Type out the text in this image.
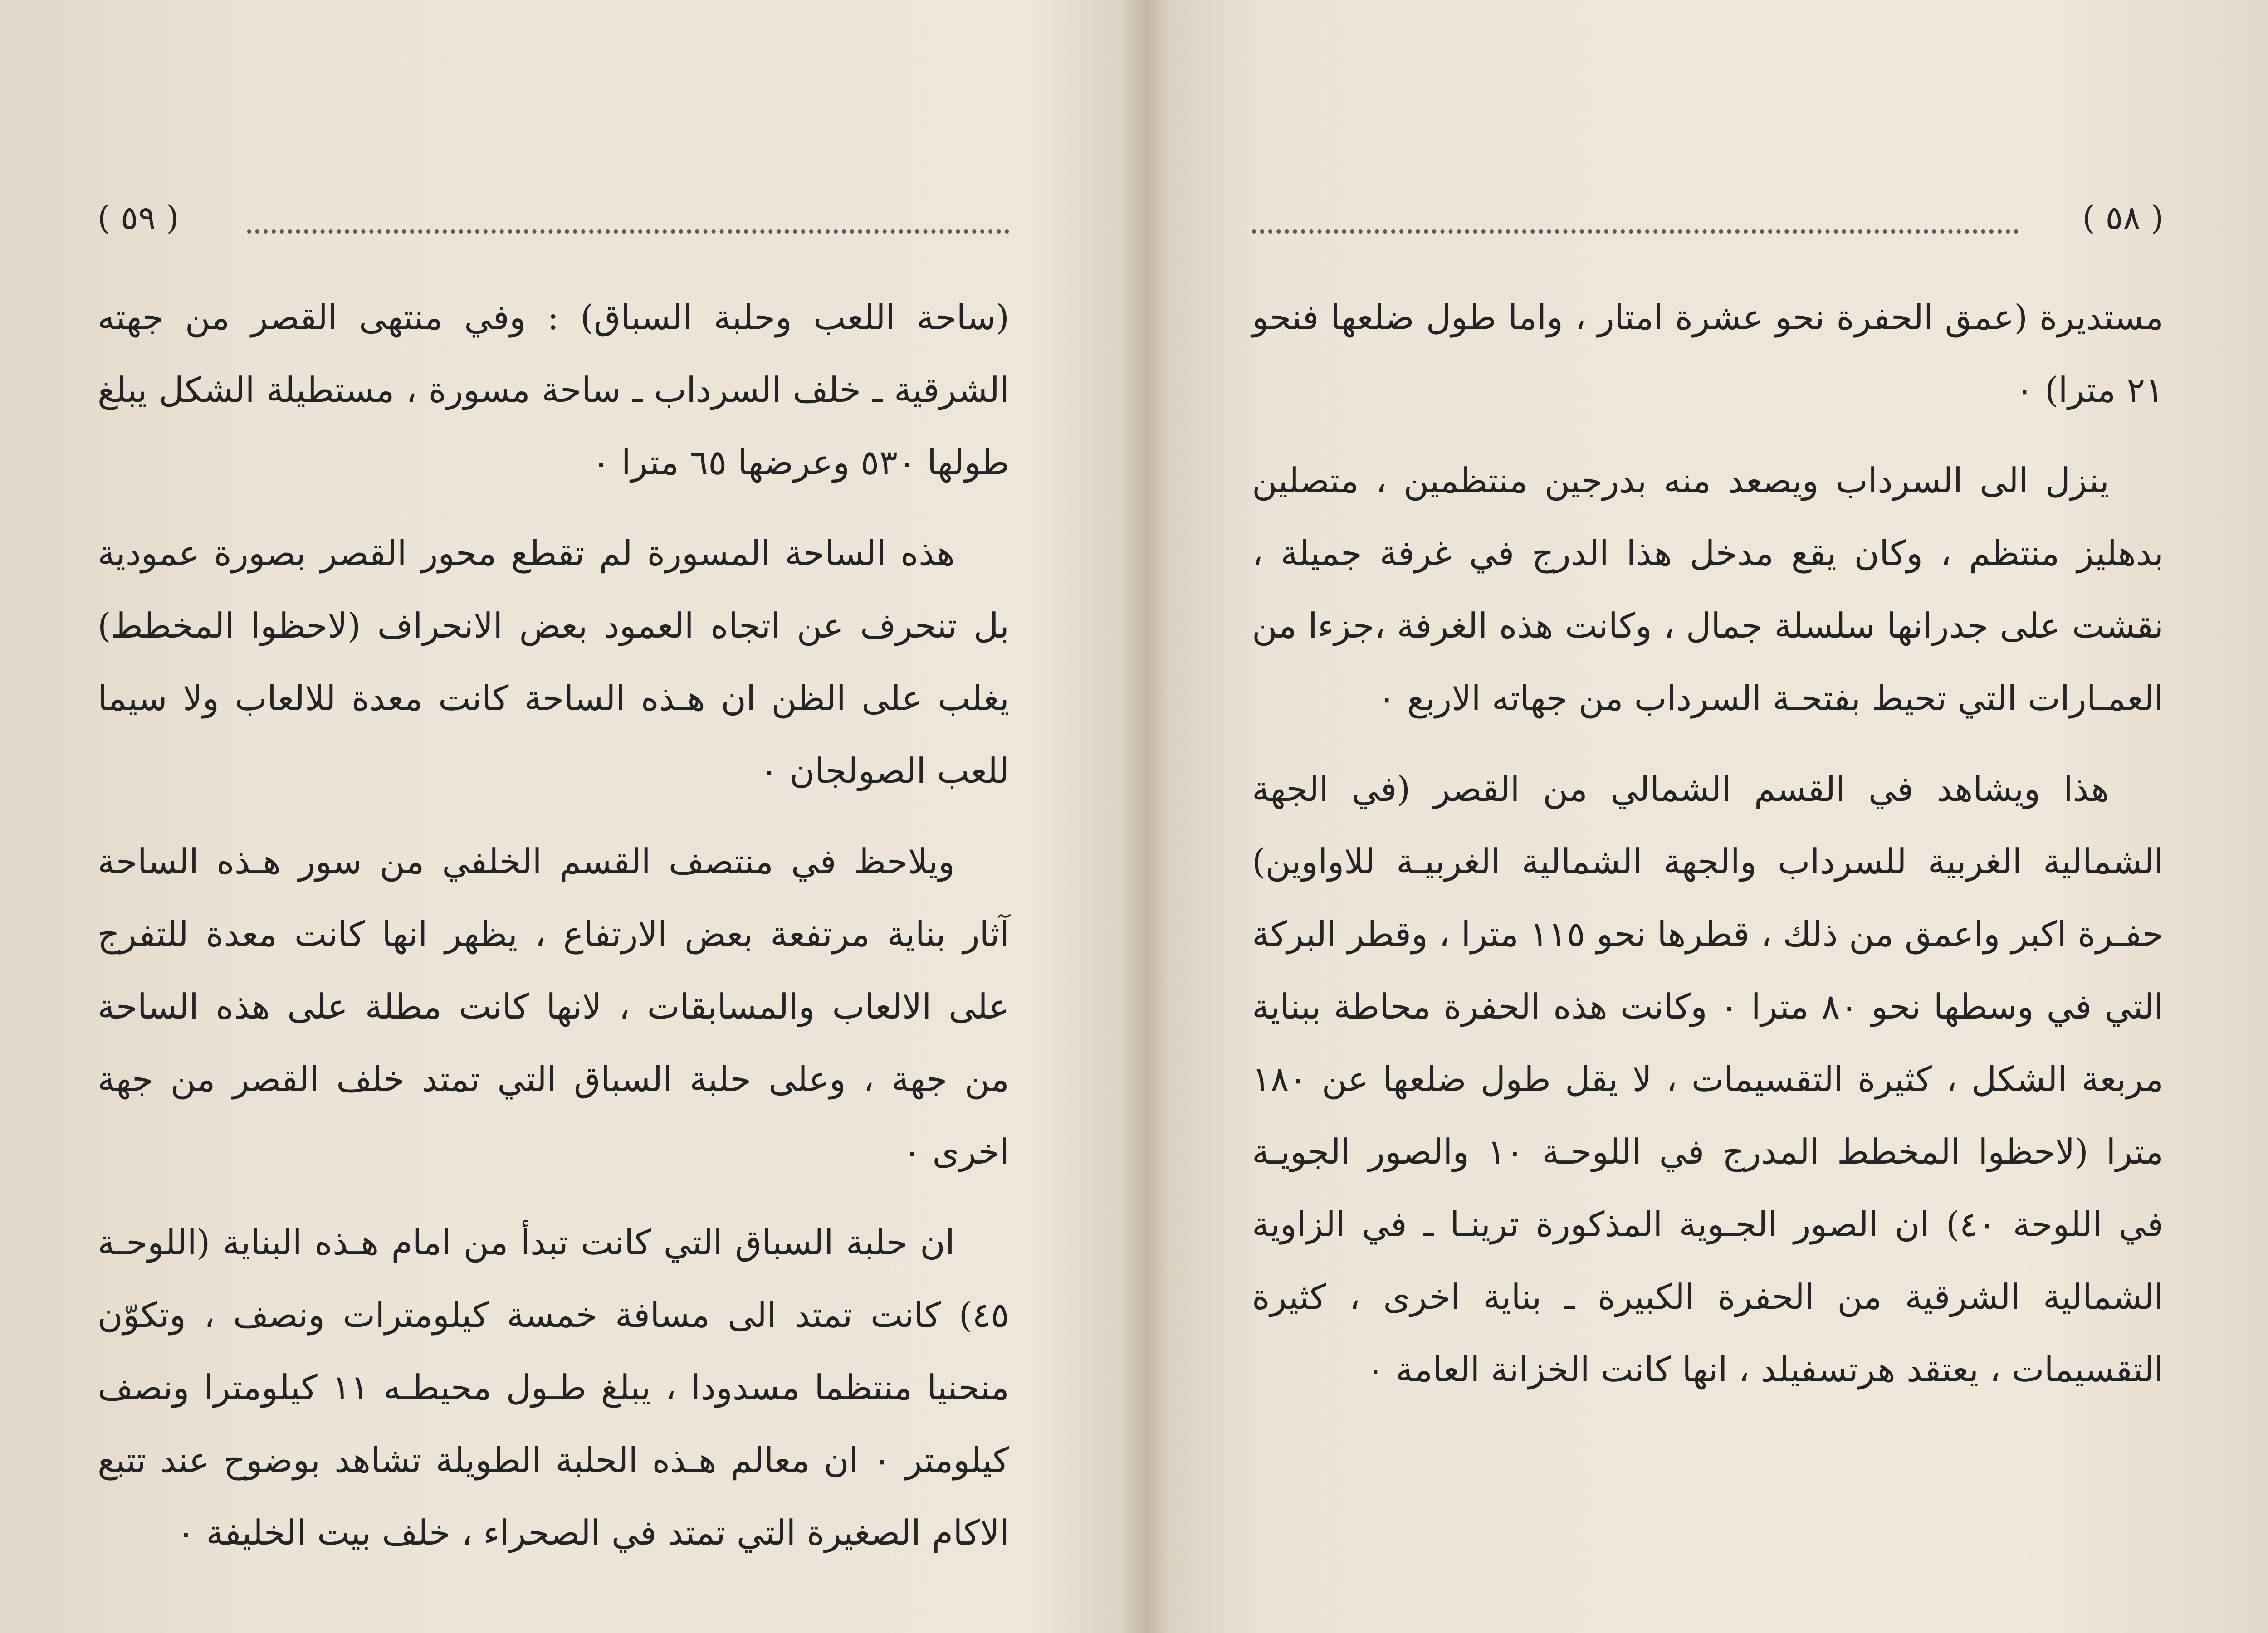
( ٥٩ )

(ساحة اللعب وحلبة السباق) : وفي منتهى القصر من جهته الشرقية ـ خلف السرداب ـ ساحة مسورة ، مستطيلة الشكل يبلغ طولها ٥٣٠ وعرضها ٦٥ مترا ٠

هذه الساحة المسورة لم تقطع محور القصر بصورة عمودية بل تنحرف عن اتجاه العمود بعض الانحراف (لاحظوا المخطط) يغلب على الظن ان هـذه الساحة كانت معدة للالعاب ولا سيما للعب الصولجان ٠

ويلاحظ في منتصف القسم الخلفي من سور هـذه الساحة آثار بناية مرتفعة بعض الارتفاع ، يظهر انها كانت معدة للتفرج على الالعاب والمسابقات ، لانها كانت مطلة على هذه الساحة من جهة ، وعلى حلبة السباق التي تمتد خلف القصر من جهة اخرى ٠

ان حلبة السباق التي كانت تبدأ من امام هـذه البناية (اللوحـة ٤٥) كانت تمتد الى مسافة خمسة كيلومترات ونصف ، وتكوّن منحنيا منتظما مسدودا ، يبلغ طـول محيطـه ١١ كيلومترا ونصف كيلومتر ٠ ان معالم هـذه الحلبة الطويلة تشاهد بوضوح عند تتبع الاكام الصغيرة التي تمتد في الصحراء ، خلف بيت الخليفة ٠

( ٥٨ )

مستديرة (عمق الحفرة نحو عشرة امتار ، واما طول ضلعها فنحو ٢١ مترا) ٠

ينزل الى السرداب ويصعد منه بدرجين منتظمين ، متصلين بدهليز منتظم ، وكان يقع مدخل هذا الدرج في غرفة جميلة ، نقشت على جدرانها سلسلة جمال ، وكانت هذه الغرفة ،جزءا من العمـارات التي تحيط بفتحـة السرداب من جهاته الاربع ٠

هذا ويشاهد في القسم الشمالي من القصر (في الجهة الشمالية الغربية للسرداب والجهة الشمالية الغربيـة للاواوين) حفـرة اكبر واعمق من ذلك ، قطرها نحو ١١٥ مترا ، وقطر البركة التي في وسطها نحو ٨٠ مترا ٠ وكانت هذه الحفرة محاطة ببناية مربعة الشكل ، كثيرة التقسيمات ، لا يقل طول ضلعها عن ١٨٠ مترا (لاحظوا المخطط المدرج في اللوحـة ١٠ والصور الجويـة في اللوحة ٤٠) ان الصور الجـوية المذكورة ترينـا ـ في الزاوية الشمالية الشرقية من الحفرة الكبيرة ـ بناية اخرى ، كثيرة التقسيمات ، يعتقد هرتسفيلد ، انها كانت الخزانة العامة ٠
